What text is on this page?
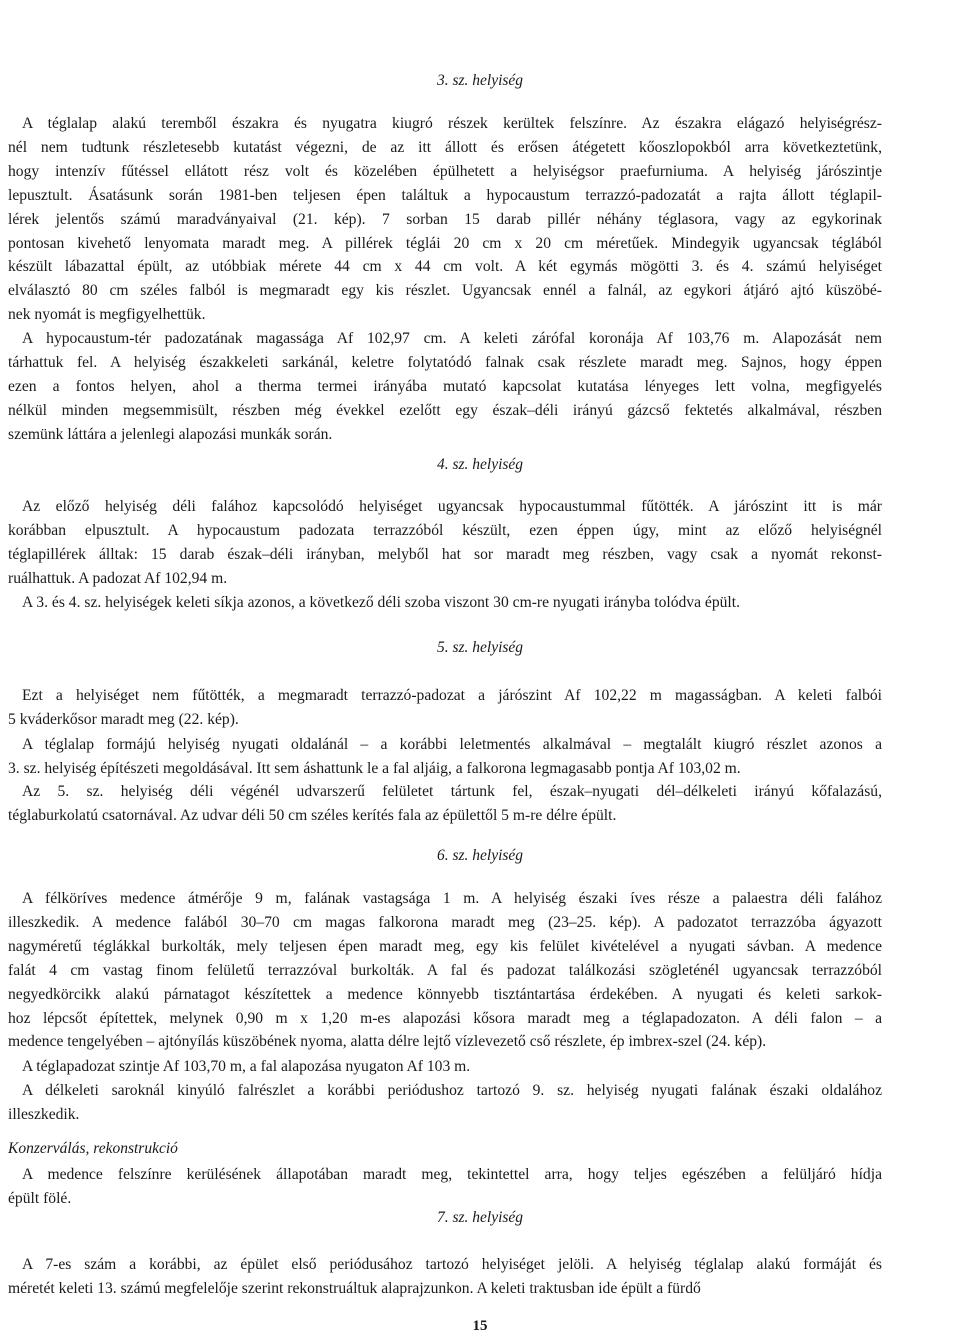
3. sz. helyiség
A téglalap alakú teremből északra és nyugatra kiugró részek kerültek felszínre. Az északra elágazó helyiségrész-
nél nem tudtunk részletesebb kutatást végezni, de az itt állott és erősen átégetett kőoszlopokból arra következtetünk,
hogy intenzív fűtéssel ellátott rész volt és közelében épülhetett a helyiségsor praefurniuma. A helyiség járószintje
lepusztult. Ásatásunk során 1981-ben teljesen épen találtuk a hypocaustum terrazzó-padozatát a rajta állott téglapil-
lérek jelentős számú maradványaival (21. kép). 7 sorban 15 darab pillér néhány téglasora, vagy az egykorinak
pontosan kivehető lenyomata maradt meg. A pillérek téglái 20 cm x 20 cm méretűek. Mindegyik ugyancsak téglából
készült lábazattal épült, az utóbbiak mérete 44 cm x 44 cm volt. A két egymás mögötti 3. és 4. számú helyiséget
elválasztó 80 cm széles falból is megmaradt egy kis részlet. Ugyancsak ennél a falnál, az egykori átjáró ajtó küszöbé-
nek nyomát is megfigyelhettük.
A hypocaustum-tér padozatának magassága Af 102,97 cm. A keleti zárófal koronája Af 103,76 m. Alapozását nem
tárhattuk fel. A helyiség északkeleti sarkánál, keletre folytatódó falnak csak részlete maradt meg. Sajnos, hogy éppen
ezen a fontos helyen, ahol a therma termei irányába mutató kapcsolat kutatása lényeges lett volna, megfigyelés
nélkül minden megsemmisült, részben még évekkel ezelőtt egy észak–déli irányú gázcső fektetés alkalmával, részben
szemünk láttára a jelenlegi alapozási munkák során.
4. sz. helyiség
Az előző helyiség déli falához kapcsolódó helyiséget ugyancsak hypocaustummal fűtötték. A járószint itt is már
korábban elpusztult. A hypocaustum padozata terrazzóból készült, ezen éppen úgy, mint az előző helyiségnél
téglapillérek álltak: 15 darab észak–déli irányban, melyből hat sor maradt meg részben, vagy csak a nyomát rekonst-
ruálhattuk. A padozat Af 102,94 m.
A 3. és 4. sz. helyiségek keleti síkja azonos, a következő déli szoba viszont 30 cm-re nyugati irányba tolódva épült.
5. sz. helyiség
Ezt a helyiséget nem fűtötték, a megmaradt terrazzó-padozat a járószint Af 102,22 m magasságban. A keleti falbói
5 kváderkősor maradt meg (22. kép).
A téglalap formájú helyiség nyugati oldalánál – a korábbi leletmentés alkalmával – megtalált kiugró részlet azonos a
3. sz. helyiség építészeti megoldásával. Itt sem áshattunk le a fal aljáig, a falkorona legmagasabb pontja Af 103,02 m.
Az 5. sz. helyiség déli végénél udvarszerű felületet tártunk fel, észak–nyugati dél–délkeleti irányú kőfalazású,
téglaburkolatú csatornával. Az udvar déli 50 cm széles kerítés fala az épülettől 5 m-re délre épült.
6. sz. helyiség
A félköríves medence átmérője 9 m, falának vastagsága 1 m. A helyiség északi íves része a palaestra déli falához
illeszkedik. A medence falából 30–70 cm magas falkorona maradt meg (23–25. kép). A padozatot terrazzóba ágyazott
nagyméretű téglákkal burkolták, mely teljesen épen maradt meg, egy kis felület kivételével a nyugati sávban. A medence
falát 4 cm vastag finom felületű terrazzóval burkolták. A fal és padozat találkozási szögleténél ugyancsak terrazzóból
negyedkörcikk alakú párnatagot készítettek a medence könnyebb tisztántartása érdekében. A nyugati és keleti sarkok-
hoz lépcsőt építettek, melynek 0,90 m x 1,20 m-es alapozási kősora maradt meg a téglapadozaton. A déli falon – a
medence tengelyében – ajtónyílás küszöbének nyoma, alatta délre lejtő vízlevezető cső részlete, ép imbrex-szel (24. kép).
A téglapadozat szintje Af 103,70 m, a fal alapozása nyugaton Af 103 m.
A délkeleti saroknál kinyúló falrészlet a korábbi periódushoz tartozó 9. sz. helyiség nyugati falának északi oldalához
illeszkedik.
Konzerválás, rekonstrukció
A medence felszínre kerülésének állapotában maradt meg, tekintettel arra, hogy teljes egészében a felüljáró hídja
épült fölé.
7. sz. helyiség
A 7-es szám a korábbi, az épület első periódusához tartozó helyiséget jelöli. A helyiség téglalap alakú formáját és
méretét keleti 13. számú megfelelője szerint rekonstruáltuk alaprajzunkon. A keleti traktusban ide épült a fürdő
15
